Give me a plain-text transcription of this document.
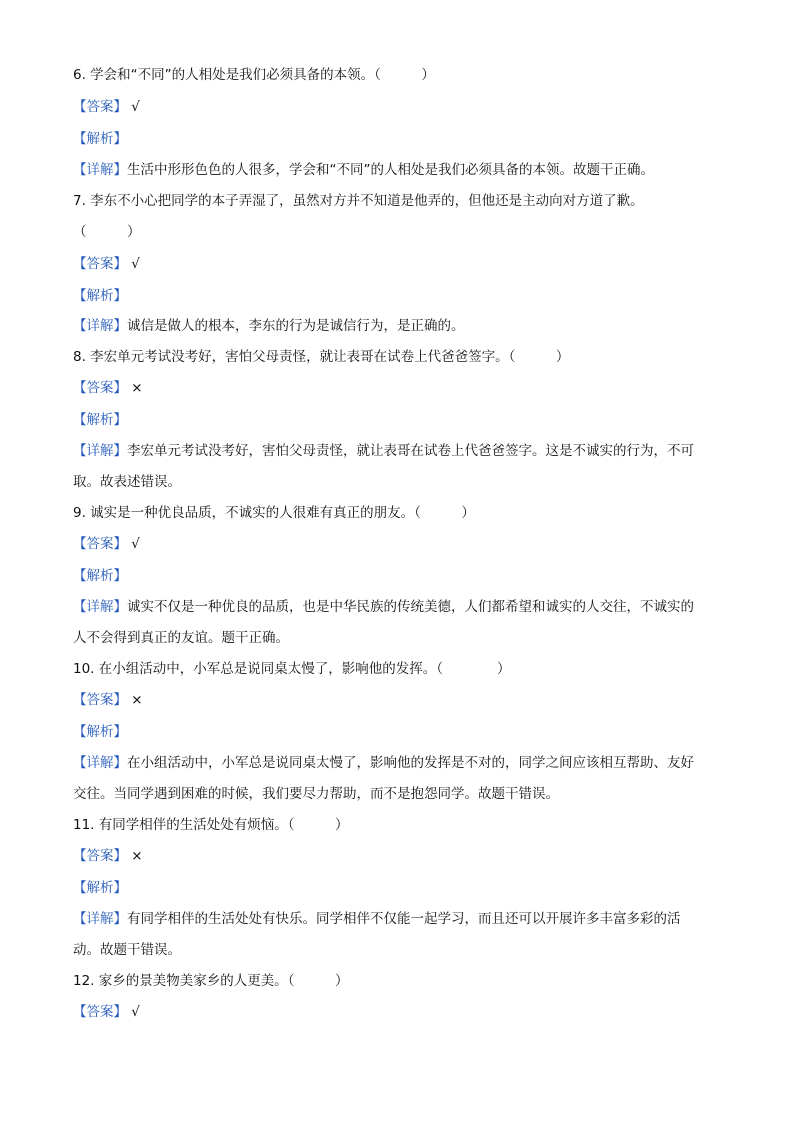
6. 学会和“不同”的人相处是我们必须具备的本领。（　　　）
【答案】 √
【解析】
【详解】生活中形形色色的人很多，学会和“不同”的人相处是我们必须具备的本领。故题干正确。
7. 李东不小心把同学的本子弄湿了，虽然对方并不知道是他弄的，但他还是主动向对方道了歉。
（　　　）
【答案】 √
【解析】
【详解】诚信是做人的根本，李东的行为是诚信行为，是正确的。
8. 李宏单元考试没考好，害怕父母责怪，就让表哥在试卷上代爸爸签字。（　　　）
【答案】 ×
【解析】
【详解】李宏单元考试没考好，害怕父母责怪，就让表哥在试卷上代爸爸签字。这是不诚实的行为，不可
取。故表述错误。
9. 诚实是一种优良品质，不诚实的人很难有真正的朋友。（　　　）
【答案】 √
【解析】
【详解】诚实不仅是一种优良的品质，也是中华民族的传统美德，人们都希望和诚实的人交往，不诚实的
人不会得到真正的友谊。题干正确。
10. 在小组活动中，小军总是说同桌太慢了，影响他的发挥。（　　　　）
【答案】 ×
【解析】
【详解】在小组活动中，小军总是说同桌太慢了，影响他的发挥是不对的，同学之间应该相互帮助、友好
交往。当同学遇到困难的时候，我们要尽力帮助，而不是抱怨同学。故题干错误。
11. 有同学相伴的生活处处有烦恼。（　　　）
【答案】 ×
【解析】
【详解】有同学相伴的生活处处有快乐。同学相伴不仅能一起学习，而且还可以开展许多丰富多彩的活
动。故题干错误。
12. 家乡的景美物美家乡的人更美。（　　　）
【答案】 √
